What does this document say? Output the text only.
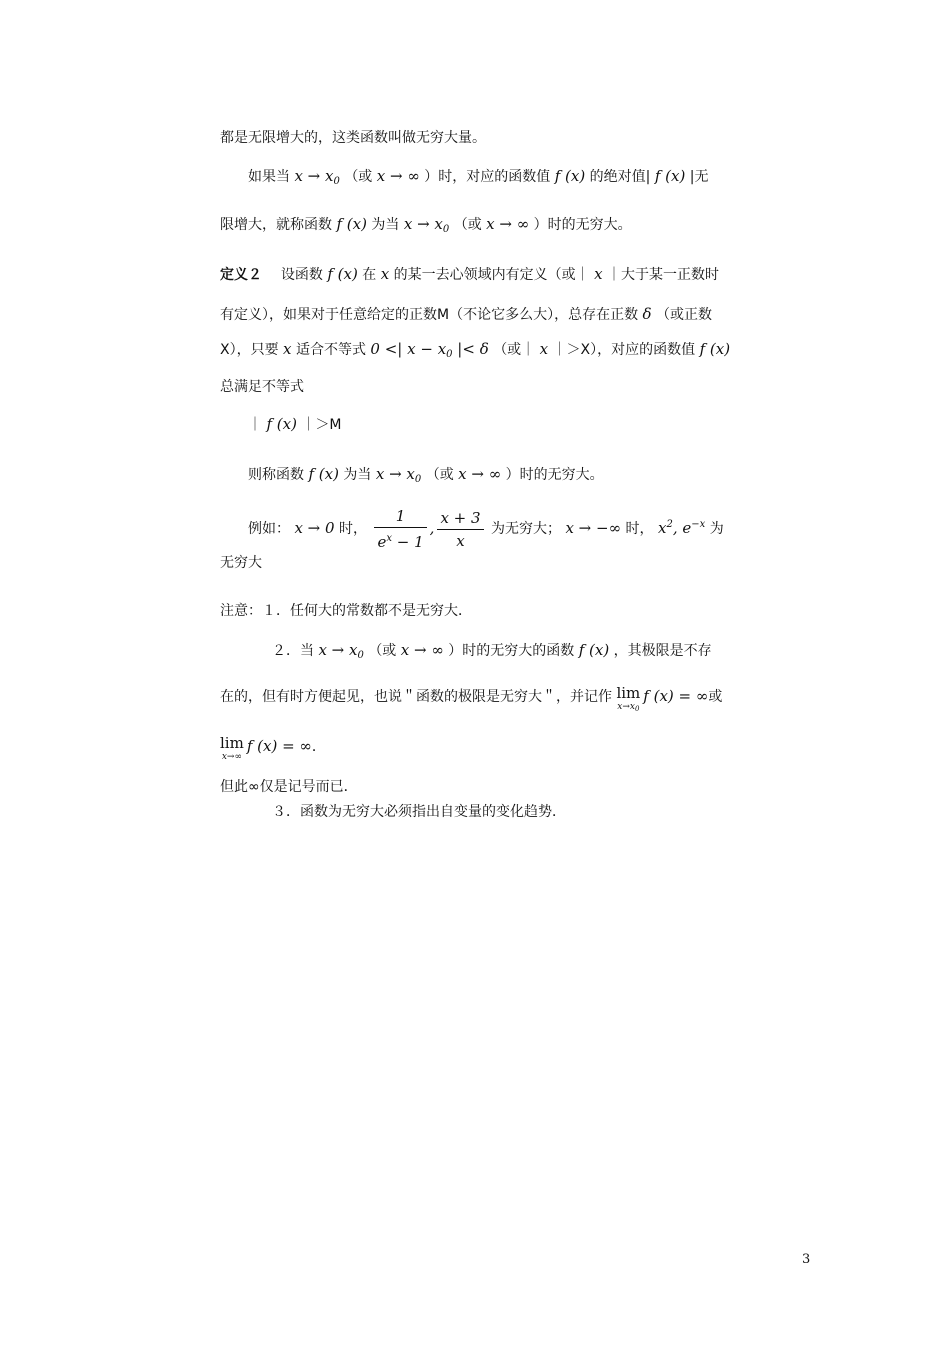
都是无限增大的，这类函数叫做无穷大量。
如果当 $x \to x_0$ （或 x → ∞ ）时，对应的函数值 f (x) 的绝对值| f (x) |无
限增大，就称函数 f (x) 为当 $x \to x_0$ （或 x → ∞ ）时的无穷大。
定义２ 设函数 f (x) 在 x 的某一去心领域内有定义（或｜ x ｜大于某一正数时
有定义），如果对于任意给定的正数M（不论它多么大），总存在正数 δ （或正数
X），只要 x 适合不等式 0 <| $x - x_0$ |< δ （或｜ x ｜＞X），对应的函数值 f (x)
总满足不等式
｜ f (x) ｜＞M
则称函数 f (x) 为当 $x \to x_0$ （或 x → ∞ ）时的无穷大。
例如： x → 0 时， $\frac{1}{e^x - 1}$ , $\frac{x + 3}{x}$ 为无穷大； x → −∞ 时， $x^2$, $e^{-x}$ 为
无穷大
注意：１．任何大的常数都不是无穷大．
２．当 $x \to x_0$ （或 x → ∞ ）时的无穷大的函数 f (x) ，其极限是不存
在的，但有时方便起见，也说＂函数的极限是无穷大＂，并记作 lim
$x\to x_0$
f (x) = ∞或
lim
x→∞
f (x) = ∞．
但此∞仅是记号而已．
３．函数为无穷大必须指出自变量的变化趋势．
3
